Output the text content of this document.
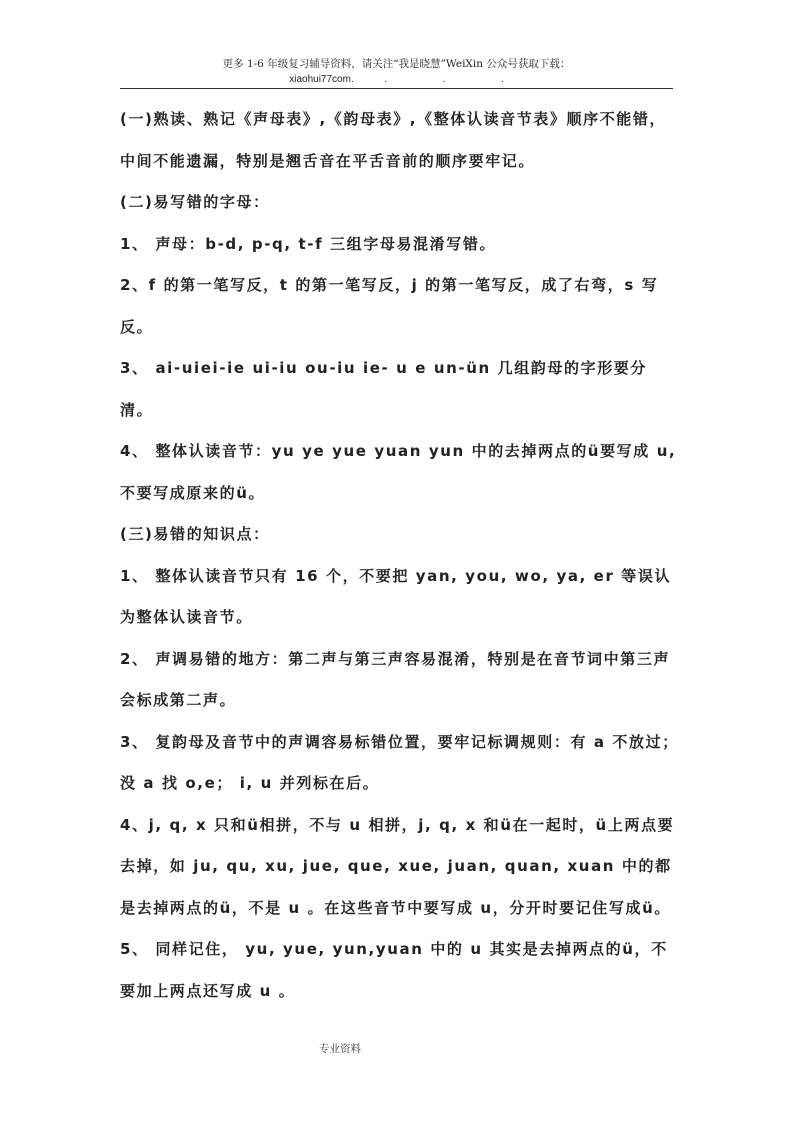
更多 1-6 年级复习辅导资料，请关注“我是晓慧”WeiXin 公众号获取下载：
xiaohui77com.           .                    .                    .

(一)熟读、熟记《声母表》,《韵母表》,《整体认读音节表》顺序不能错，中间不能遗漏，特别是翘舌音在平舌音前的顺序要牢记。

(二)易写错的字母：

1、 声母：b-d, p-q, t-f 三组字母易混淆写错。

2、f 的第一笔写反，t 的第一笔写反，j 的第一笔写反，成了右弯，s 写反。

3、 ai-uiei-ie ui-iu ou-iu ie- u e un-ün 几组韵母的字形要分清。

4、 整体认读音节：yu ye yue yuan yun 中的去掉两点的ü要写成 u, 不要写成原来的ü。

(三)易错的知识点：

1、 整体认读音节只有 16 个，不要把 yan, you, wo, ya, er 等误认为整体认读音节。

2、 声调易错的地方：第二声与第三声容易混淆，特别是在音节词中第三声会标成第二声。

3、 复韵母及音节中的声调容易标错位置，要牢记标调规则：有 a 不放过；没 a 找 o,e； i, u 并列标在后。

4、j, q, x 只和ü相拼，不与 u 相拼，j, q, x 和ü在一起时，ü上两点要去掉，如 ju, qu, xu, jue, que, xue, juan, quan, xuan 中的都是去掉两点的ü，不是 u 。在这些音节中要写成 u，分开时要记住写成ü。

5、 同样记住， yu, yue, yun,yuan 中的 u 其实是去掉两点的ü，不要加上两点还写成 u 。

专业资料
